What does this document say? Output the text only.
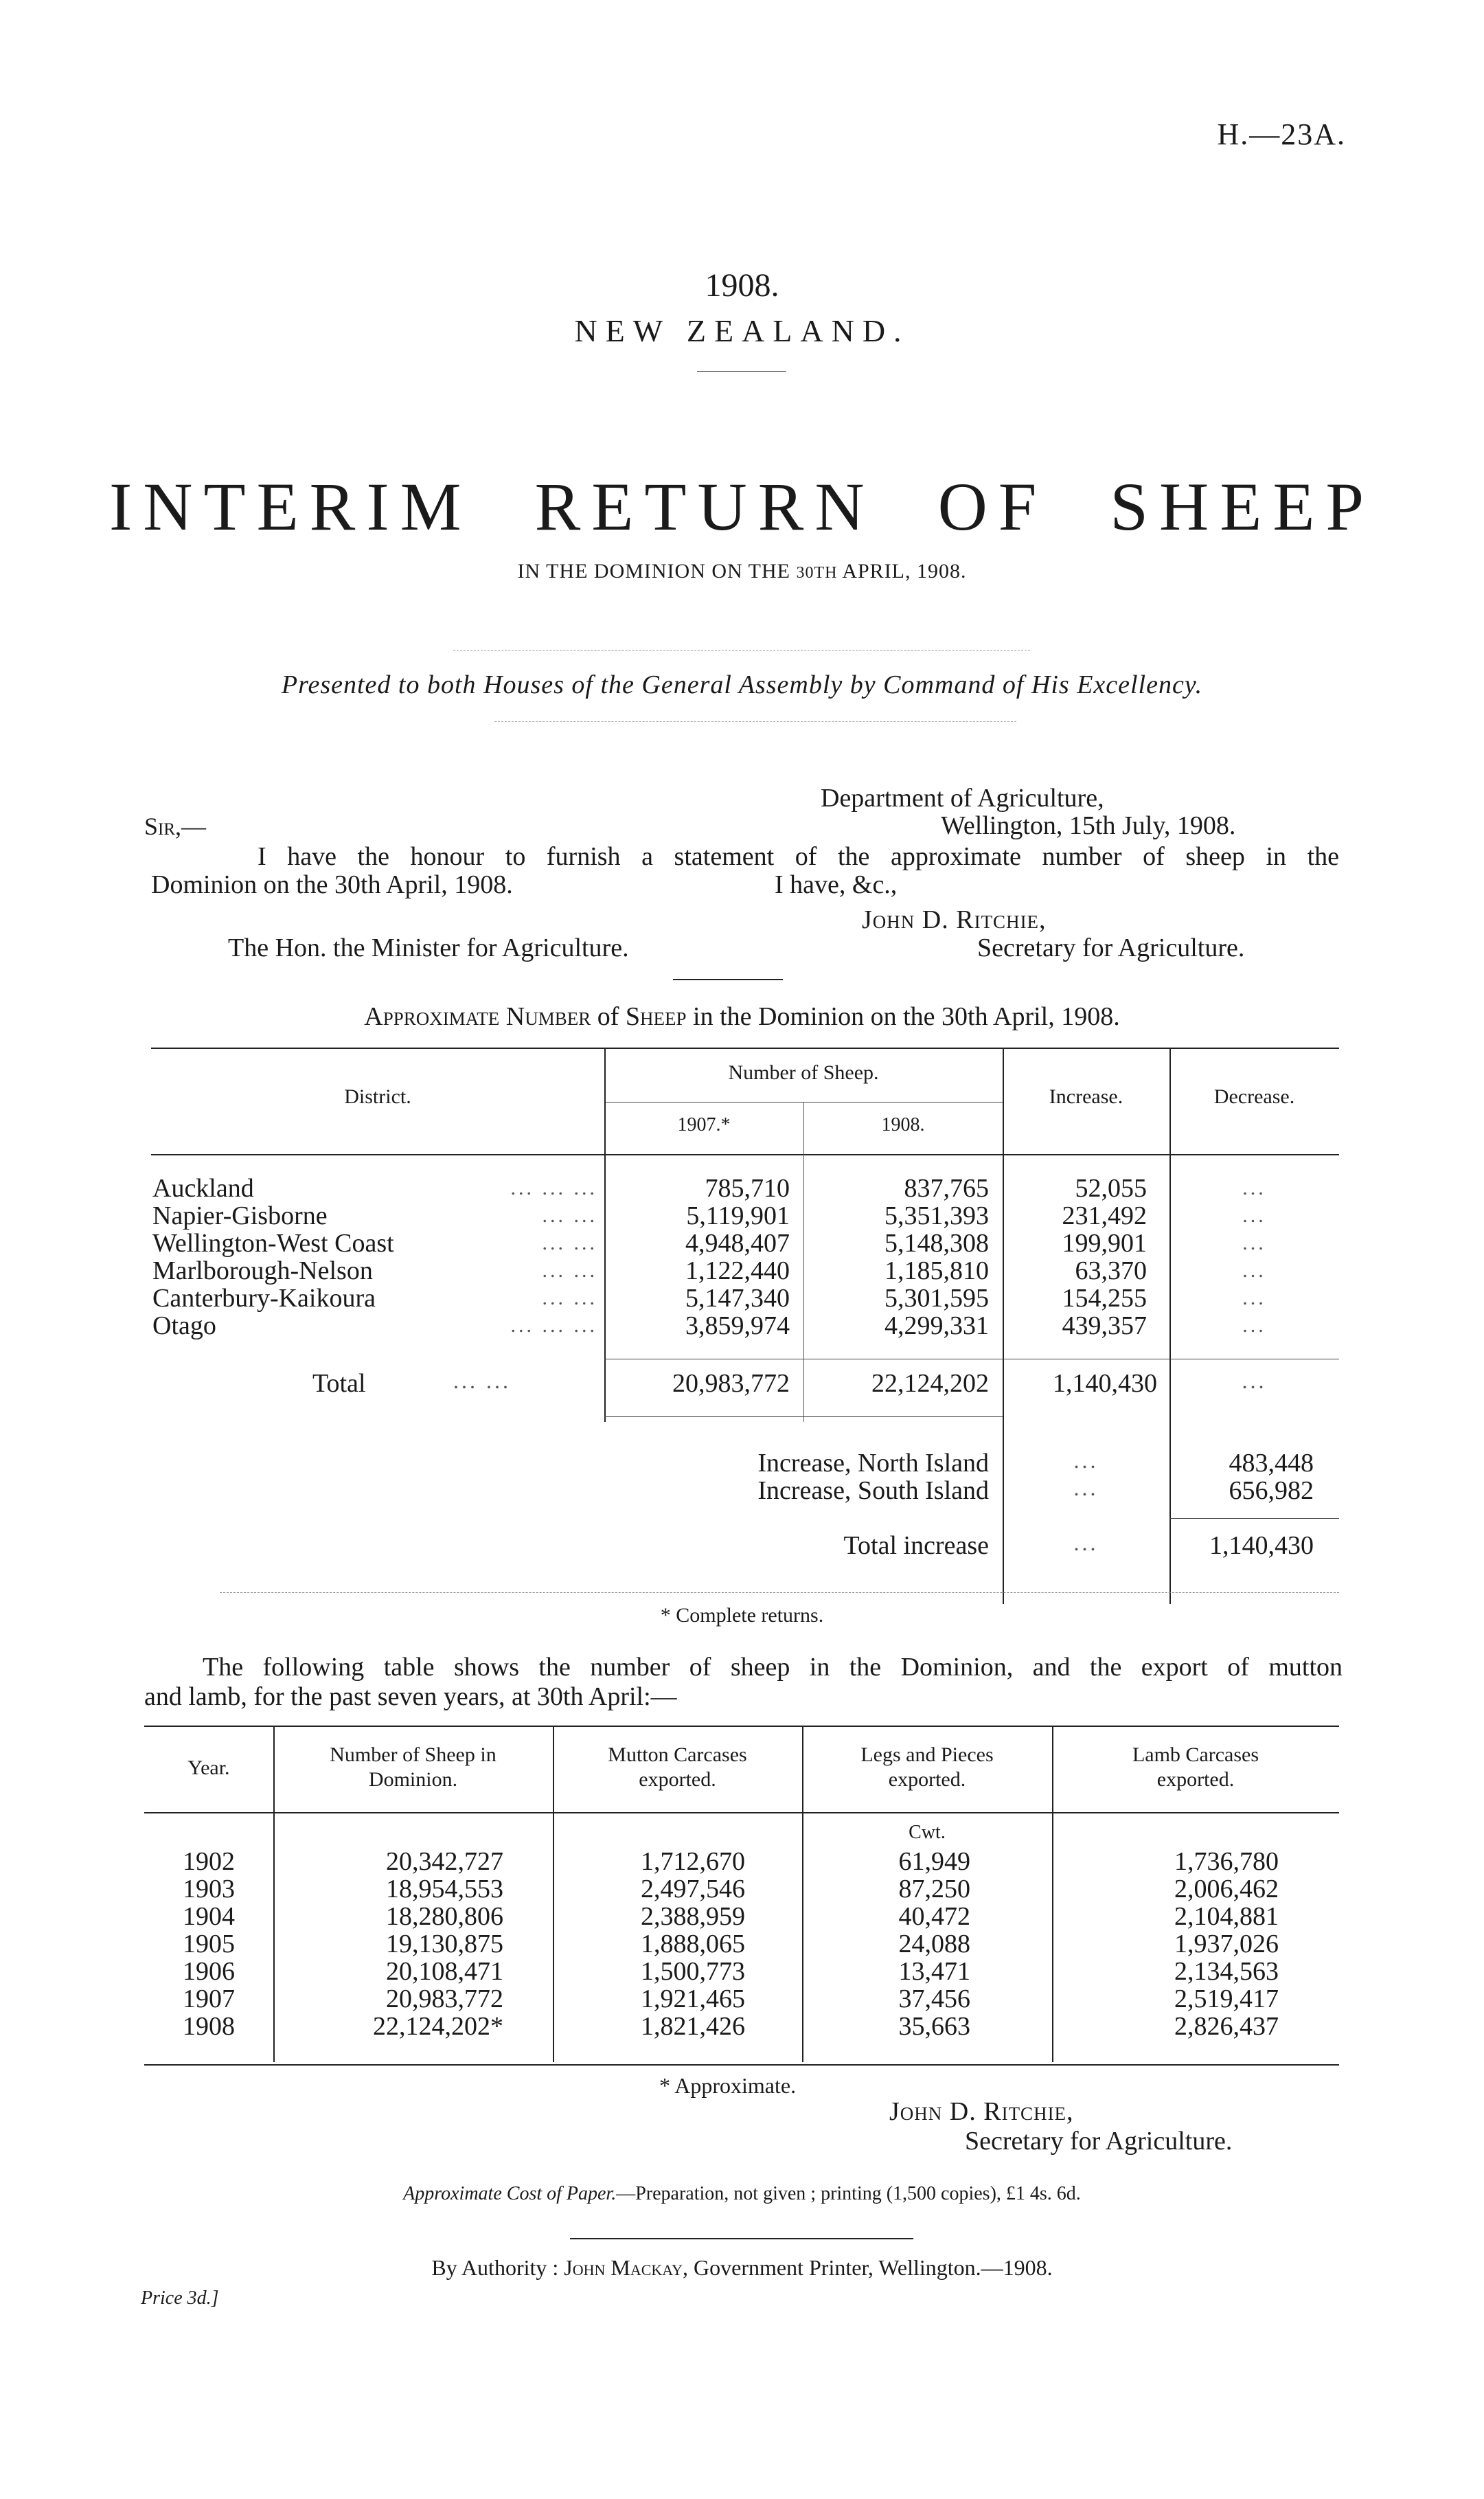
H.—23A.
1908.
NEW ZEALAND.
INTERIM RETURN OF SHEEP
IN THE DOMINION ON THE 30TH APRIL, 1908.
Presented to both Houses of the General Assembly by Command of His Excellency.
Department of Agriculture,
Sir,—	Wellington, 15th July, 1908.
I have the honour to furnish a statement of the approximate number of sheep in the
Dominion on the 30th April, 1908.	I have, &c.,
John D. Ritchie,
The Hon. the Minister for Agriculture.	Secretary for Agriculture.
Approximate Number of Sheep in the Dominion on the 30th April, 1908.
District.
Number of Sheep.
1907.*	1908.
Increase.	Decrease.
Auckland	... ... ...	785,710	837,765	52,055	...
Napier-Gisborne	... ...	5,119,901	5,351,393	231,492	...
Wellington-West Coast	... ...	4,948,407	5,148,308	199,901	...
Marlborough-Nelson	... ...	1,122,440	1,185,810	63,370	...
Canterbury-Kaikoura	... ...	5,147,340	5,301,595	154,255	...
Otago	... ... ...	3,859,974	4,299,331	439,357	...
Total	... ...	20,983,772	22,124,202	1,140,430	...
Increase, North Island	...	483,448
Increase, South Island	...	656,982
Total increase	...	1,140,430
* Complete returns.
The following table shows the number of sheep in the Dominion, and the export of mutton
and lamb, for the past seven years, at 30th April:—
Year.
Number of Sheep in
Dominion.
Mutton Carcases
exported.
Legs and Pieces
exported.
Lamb Carcases
exported.
Cwt.
1902	20,342,727	1,712,670	61,949	1,736,780
1903	18,954,553	2,497,546	87,250	2,006,462
1904	18,280,806	2,388,959	40,472	2,104,881
1905	19,130,875	1,888,065	24,088	1,937,026
1906	20,108,471	1,500,773	13,471	2,134,563
1907	20,983,772	1,921,465	37,456	2,519,417
1908	22,124,202*	1,821,426	35,663	2,826,437
* Approximate.
John D. Ritchie,
Secretary for Agriculture.
Approximate Cost of Paper.—Preparation, not given ; printing (1,500 copies), £1 4s. 6d.
By Authority : John Mackay, Government Printer, Wellington.—1908.
Price 3d.]
